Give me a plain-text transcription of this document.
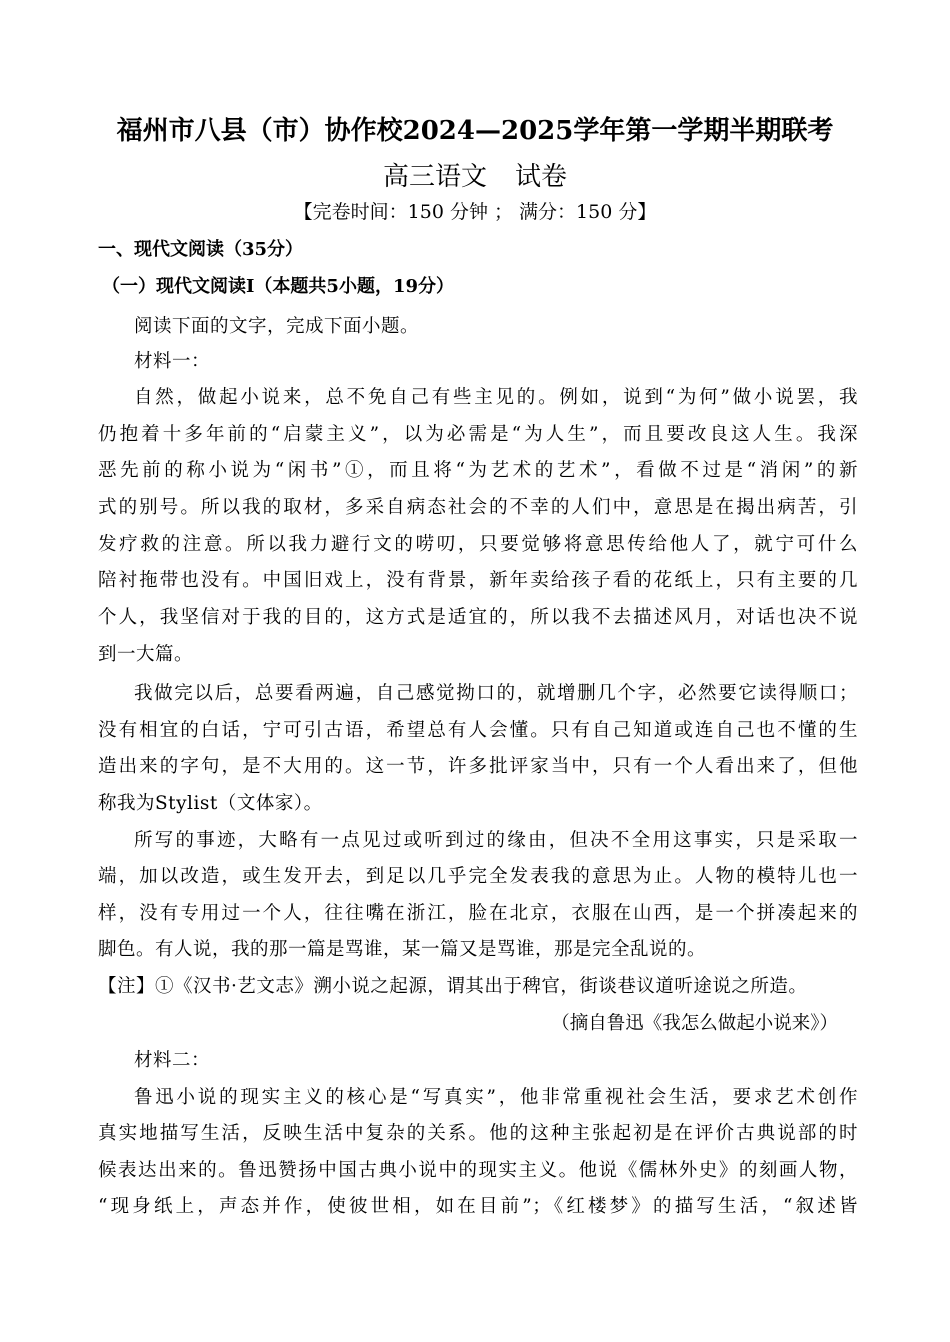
福州市八县（市）协作校2024—2025学年第一学期半期联考
高三语文 试卷
【完卷时间：150 分钟 ； 满分：150 分】
一、现代文阅读（35分）
（一）现代文阅读Ⅰ（本题共5小题，19分）
阅读下面的文字，完成下面小题。
材料一：
自然，做起小说来，总不免自己有些主见的。例如，说到“为何”做小说罢，我
仍抱着十多年前的“启蒙主义”，以为必需是“为人生”，而且要改良这人生。我深
恶先前的称小说为“闲书”①，而且将“为艺术的艺术”，看做不过是“消闲”的新
式的别号。所以我的取材，多采自病态社会的不幸的人们中，意思是在揭出病苦，引
发疗救的注意。所以我力避行文的唠叨，只要觉够将意思传给他人了，就宁可什么
陪衬拖带也没有。中国旧戏上，没有背景，新年卖给孩子看的花纸上，只有主要的几
个人，我坚信对于我的目的，这方式是适宜的，所以我不去描述风月，对话也决不说
到一大篇。
我做完以后，总要看两遍，自己感觉拗口的，就增删几个字，必然要它读得顺口；
没有相宜的白话，宁可引古语，希望总有人会懂。只有自己知道或连自己也不懂的生
造出来的字句，是不大用的。这一节，许多批评家当中，只有一个人看出来了，但他
称我为Stylist（文体家）。
所写的事迹，大略有一点见过或听到过的缘由，但决不全用这事实，只是采取一
端，加以改造，或生发开去，到足以几乎完全发表我的意思为止。人物的模特儿也一
样，没有专用过一个人，往往嘴在浙江，脸在北京，衣服在山西，是一个拼凑起来的
脚色。有人说，我的那一篇是骂谁，某一篇又是骂谁，那是完全乱说的。
【注】①《汉书·艺文志》溯小说之起源，谓其出于稗官，街谈巷议道听途说之所造。
（摘自鲁迅《我怎么做起小说来》）
材料二：
鲁迅小说的现实主义的核心是“写真实”，他非常重视社会生活，要求艺术创作
真实地描写生活，反映生活中复杂的关系。他的这种主张起初是在评价古典说部的时
候表达出来的。鲁迅赞扬中国古典小说中的现实主义。他说《儒林外史》的刻画人物，
“现身纸上，声态并作，使彼世相，如在目前”；《红楼梦》的描写生活，“叙述皆
